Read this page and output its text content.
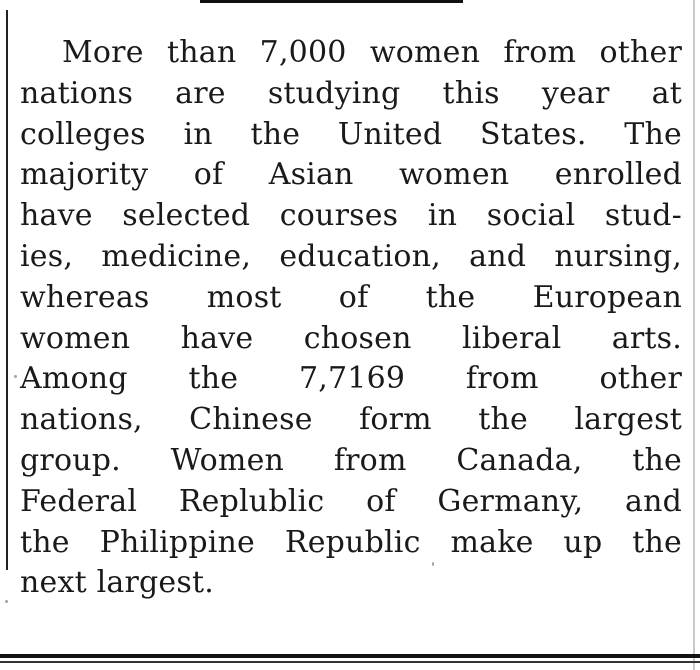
More than 7,000 women from other
nations are studying this year at
colleges in the United States. The
majority of Asian women enrolled
have selected courses in social stud-
ies, medicine, education, and nursing,
whereas most of the European
women have chosen liberal arts.
Among the 7,7169 from other
nations, Chinese form the largest
group. Women from Canada, the
Federal Replublic of Germany, and
the Philippine Republic make up the
next largest.
